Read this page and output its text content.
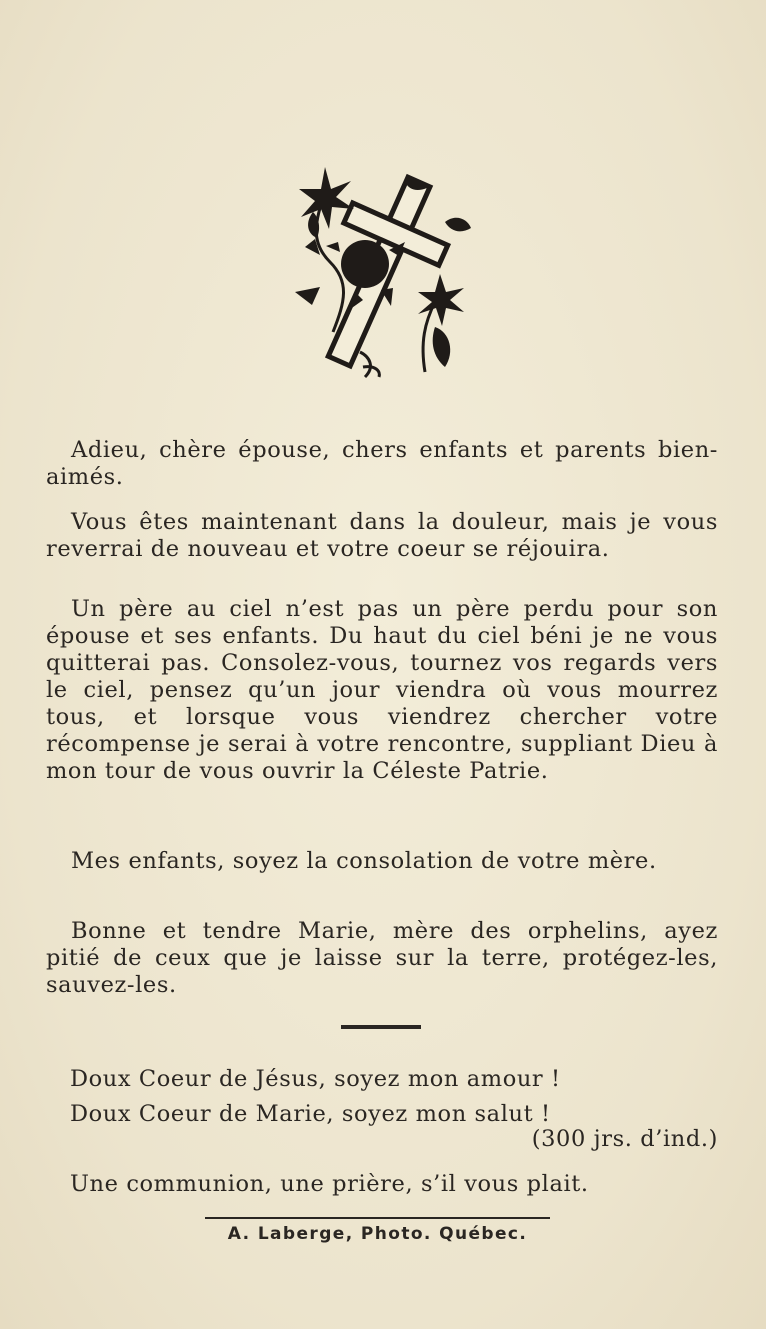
Adieu, chère épouse, chers enfants et parents bien-aimés.

Vous êtes maintenant dans la douleur, mais je vous reverrai de nouveau et votre coeur se réjouira.

Un père au ciel n’est pas un père perdu pour son épouse et ses enfants. Du haut du ciel béni je ne vous quitterai pas. Consolez-vous, tournez vos regards vers le ciel, pensez qu’un jour viendra où vous mourrez tous, et lorsque vous viendrez chercher votre récompense je serai à votre rencontre, suppliant Dieu à mon tour de vous ouvrir la Céleste Patrie.

Mes enfants, soyez la consolation de votre mère.

Bonne et tendre Marie, mère des orphelins, ayez pitié de ceux que je laisse sur la terre, protégez-les, sauvez-les.

Doux Coeur de Jésus, soyez mon amour !
Doux Coeur de Marie, soyez mon salut !
(300 jrs. d’ind.)
Une communion, une prière, s’il vous plait.
A. Laberge, Photo. Québec.
